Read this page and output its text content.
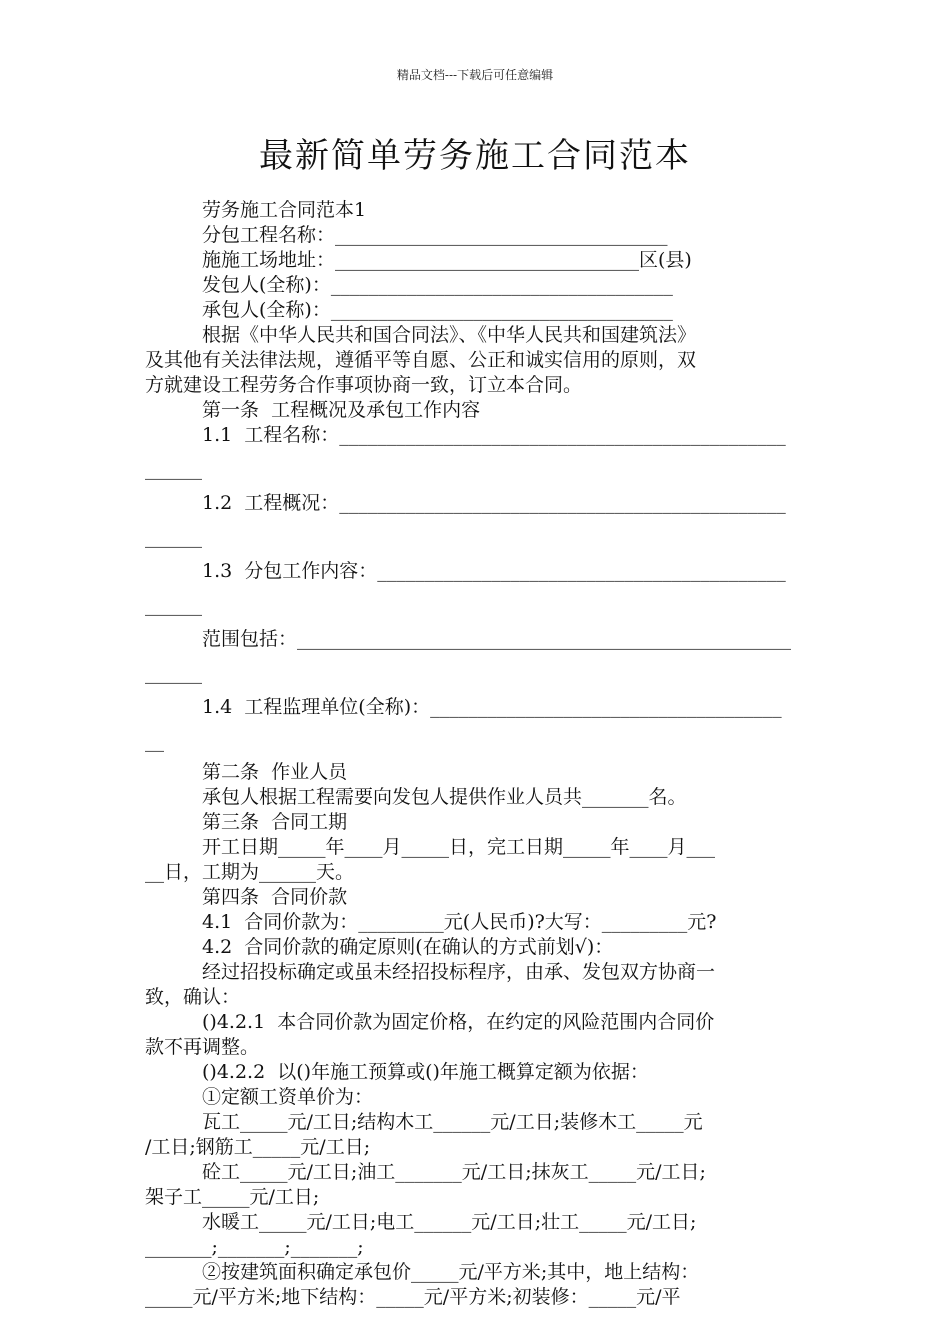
精品文档---下载后可任意编辑
最新简单劳务施工合同范本
劳务施工合同范本1
分包工程名称：___________________________________
施施工场地址：________________________________区(县)
发包人(全称)：____________________________________
承包人(全称)：____________________________________
根据《中华人民共和国合同法》、《中华人民共和国建筑法》
及其他有关法律法规，遵循平等自愿、公正和诚实信用的原则，双
方就建设工程劳务合作事项协商一致，订立本合同。
第一条  工程概况及承包工作内容
1.1  工程名称：_______________________________________________
______
1.2  工程概况：_______________________________________________
______
1.3  分包工作内容：___________________________________________
______
范围包括：____________________________________________________
______
1.4  工程监理单位(全称)：_____________________________________
__
第二条  作业人员
承包人根据工程需要向发包人提供作业人员共_______名。
第三条  合同工期
开工日期_____年____月_____日，完工日期_____年____月___
__日，工期为______天。
第四条  合同价款
4.1  合同价款为：_________元(人民币)?大写：_________元?
4.2  合同价款的确定原则(在确认的方式前划√)：
经过招投标确定或虽未经招投标程序，由承、发包双方协商一
致，确认：
()4.2.1  本合同价款为固定价格，在约定的风险范围内合同价
款不再调整。
()4.2.2  以()年施工预算或()年施工概算定额为依据：
①定额工资单价为：
瓦工_____元/工日;结构木工______元/工日;装修木工_____元
/工日;钢筋工_____元/工日;
砼工_____元/工日;油工_______元/工日;抹灰工_____元/工日;
架子工_____元/工日;
水暖工_____元/工日;电工______元/工日;壮工_____元/工日;
_______;_______;_______;
②按建筑面积确定承包价_____元/平方米;其中，地上结构：
_____元/平方米;地下结构：_____元/平方米;初装修：_____元/平
